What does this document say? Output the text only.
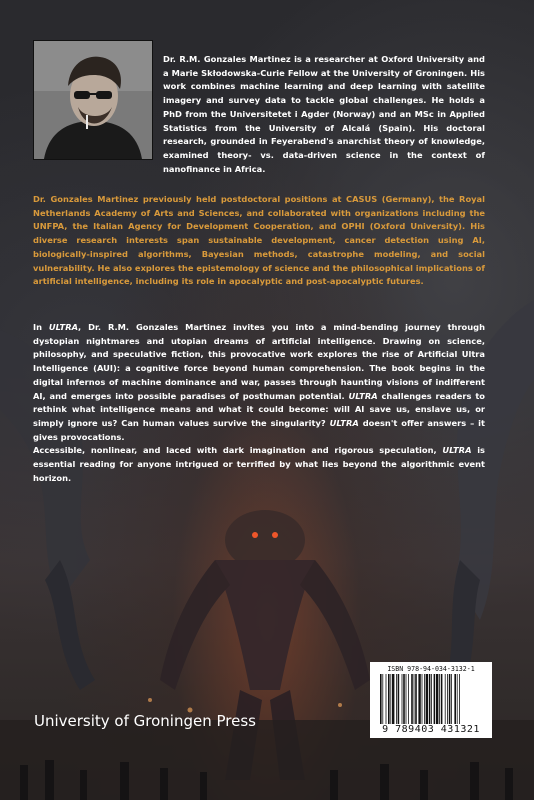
Dr. R.M. Gonzales Martinez is a researcher at Oxford University and a Marie Skłodowska-Curie Fellow at the University of Groningen. His work combines machine learning and deep learning with satellite imagery and survey data to tackle global challenges. He holds a PhD from the Universitetet i Agder (Norway) and an MSc in Applied Statistics from the University of Alcalá (Spain). His doctoral research, grounded in Feyerabend's anarchist theory of knowledge, examined theory- vs. data-driven science in the context of nanofinance in Africa.

Dr. Gonzales Martinez previously held postdoctoral positions at CASUS (Germany), the Royal Netherlands Academy of Arts and Sciences, and collaborated with organizations including the UNFPA, the Italian Agency for Development Cooperation, and OPHI (Oxford University). His diverse research interests span sustainable development, cancer detection using AI, biologically-inspired algorithms, Bayesian methods, catastrophe modeling, and social vulnerability. He also explores the epistemology of science and the philosophical implications of artificial intelligence, including its role in apocalyptic and post-apocalyptic futures.

In ULTRA, Dr. R.M. Gonzales Martinez invites you into a mind-bending journey through dystopian nightmares and utopian dreams of artificial intelligence. Drawing on science, philosophy, and speculative fiction, this provocative work explores the rise of Artificial Ultra Intelligence (AUI): a cognitive force beyond human comprehension. The book begins in the digital infernos of machine dominance and war, passes through haunting visions of indifferent AI, and emerges into possible paradises of posthuman potential. ULTRA challenges readers to rethink what intelligence means and what it could become: will AI save us, enslave us, or simply ignore us? Can human values survive the singularity? ULTRA doesn't offer answers – it gives provocations.

Accessible, nonlinear, and laced with dark imagination and rigorous speculation, ULTRA is essential reading for anyone intrigued or terrified by what lies beyond the algorithmic event horizon.

University of Groningen Press
ISBN 978-94-034-3132-1
9 789403 431321
